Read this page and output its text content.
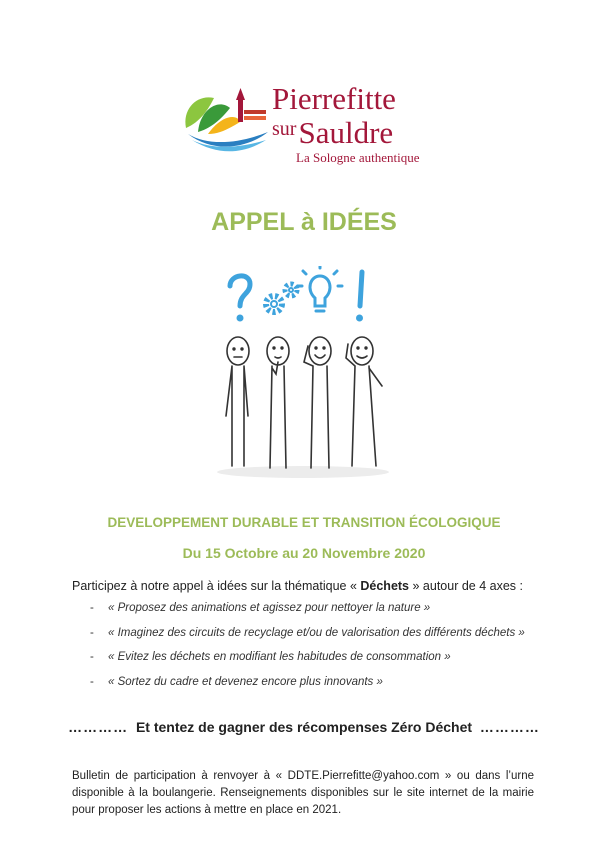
Pierrefitte
$^{sur}$Sauldre
La Sologne authentique
APPEL à IDÉES
DEVELOPPEMENT DURABLE ET TRANSITION ÉCOLOGIQUE
Du 15 Octobre au 20 Novembre 2020
Participez à notre appel à idées sur la thématique « Déchets » autour de 4 axes :
- « Proposez des animations et agissez pour nettoyer la nature »
- « Imaginez des circuits de recyclage et/ou de valorisation des différents déchets »
- « Evitez les déchets en modifiant les habitudes de consommation »
- « Sortez du cadre et devenez encore plus innovants »
………… Et tentez de gagner des récompenses Zéro Déchet …………
Bulletin de participation à renvoyer à « DDTE.Pierrefitte@yahoo.com » ou dans l’urne disponible à la boulangerie. Renseignements disponibles sur le site internet de la mairie pour proposer les actions à mettre en place en 2021.
